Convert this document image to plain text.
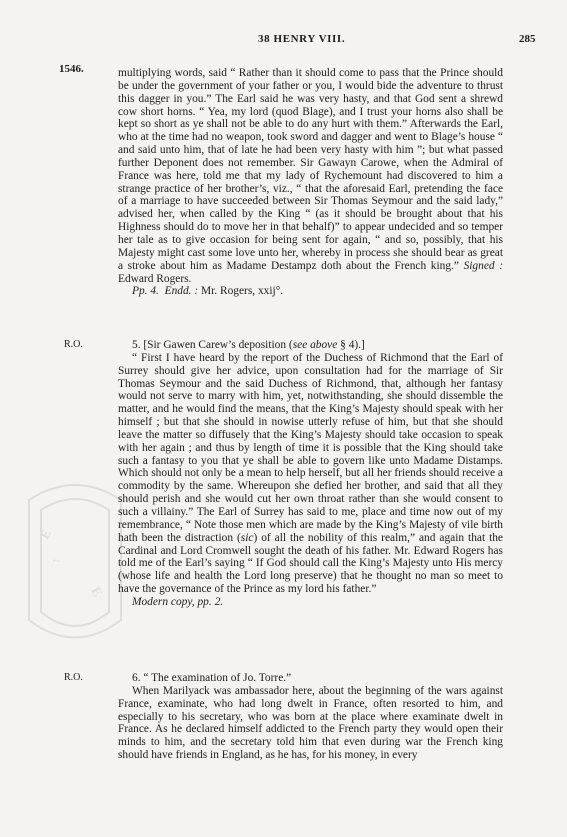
38 HENRY VIII.	285
1546.
R.O.
R.O.
E
~
E

multiplying words, said “ Rather than it should come to pass that the Prince should be under the government of your father or you, I would bide the adventure to thrust this dagger in you.” The Earl said he was very hasty, and that God sent a shrewd cow short horns. “ Yea, my lord (quod Blage), and I trust your horns also shall be kept so short as ye shall not be able to do any hurt with them.” Afterwards the Earl, who at the time had no weapon, took sword and dagger and went to Blage’s house “ and said unto him, that of late he had been very hasty with him ”; but what passed further Deponent does not remember. Sir Gawayn Carowe, when the Admiral of France was here, told me that my lady of Rychemount had discovered to him a strange practice of her brother’s, viz., “ that the aforesaid Earl, pretending the face of a marriage to have succeeded between Sir Thomas Seymour and the said lady,” advised her, when called by the King “ (as it should be brought about that his Highness should do to move her in that behalf)” to appear undecided and so temper her tale as to give occasion for being sent for again, “ and so, possibly, that his Majesty might cast some love unto her, whereby in process she should bear as great a stroke about him as Madame Destampz doth about the French king.” Signed : Edward Rogers.

Pp. 4. Endd. : Mr. Rogers, xxij°.

5. [Sir Gawen Carew’s deposition (see above § 4).]

“ First I have heard by the report of the Duchess of Richmond that the Earl of Surrey should give her advice, upon consultation had for the marriage of Sir Thomas Seymour and the said Duchess of Richmond, that, although her fantasy would not serve to marry with him, yet, notwithstanding, she should dissemble the matter, and he would find the means, that the King’s Majesty should speak with her himself ; but that she should in nowise utterly refuse of him, but that she should leave the matter so diffusely that the King’s Majesty should take occasion to speak with her again ; and thus by length of time it is possible that the King should take such a fantasy to you that ye shall be able to govern like unto Madame Distamps. Which should not only be a mean to help herself, but all her friends should receive a commodity by the same. Whereupon she defied her brother, and said that all they should perish and she would cut her own throat rather than she would consent to such a villainy.” The Earl of Surrey has said to me, place and time now out of my remembrance, “ Note those men which are made by the King’s Majesty of vile birth hath been the distraction (sic) of all the nobility of this realm,” and again that the Cardinal and Lord Cromwell sought the death of his father. Mr. Edward Rogers has told me of the Earl’s saying “ If God should call the King’s Majesty unto His mercy (whose life and health the Lord long preserve) that he thought no man so meet to have the governance of the Prince as my lord his father.”

Modern copy, pp. 2.

6. “ The examination of Jo. Torre.”

When Marilyack was ambassador here, about the beginning of the wars against France, examinate, who had long dwelt in France, often resorted to him, and especially to his secretary, who was born at the place where examinate dwelt in France. As he declared himself addicted to the French party they would open their minds to him, and the secretary told him that even during war the French king should have friends in England, as he has, for his money, in every
